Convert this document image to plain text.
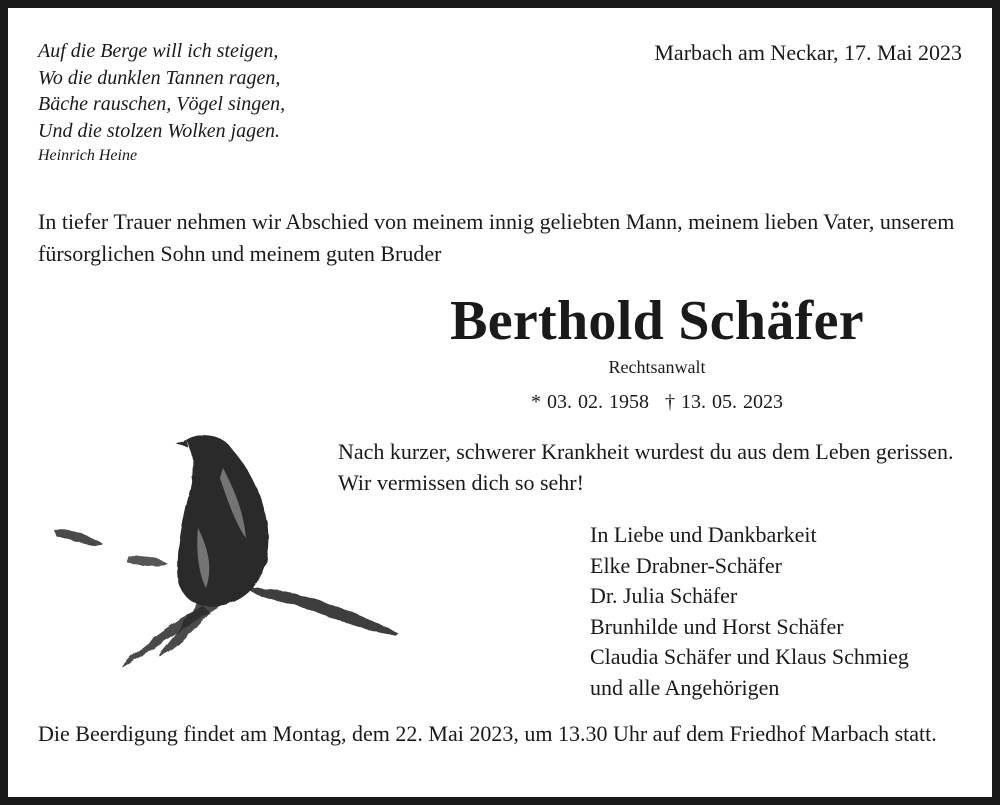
Auf die Berge will ich steigen,
Wo die dunklen Tannen ragen,
Bäche rauschen, Vögel singen,
Und die stolzen Wolken jagen.
Heinrich Heine
Marbach am Neckar, 17. Mai 2023
In tiefer Trauer nehmen wir Abschied von meinem innig geliebten Mann, meinem lieben Vater, unserem fürsorglichen Sohn und meinem guten Bruder
Berthold Schäfer
Rechtsanwalt
* 03. 02. 1958 † 13. 05. 2023
Nach kurzer, schwerer Krankheit wurdest du aus dem Leben gerissen. Wir vermissen dich so sehr!
In Liebe und Dankbarkeit
Elke Drabner-Schäfer
Dr. Julia Schäfer
Brunhilde und Horst Schäfer
Claudia Schäfer und Klaus Schmieg
und alle Angehörigen
Die Beerdigung findet am Montag, dem 22. Mai 2023, um 13.30 Uhr auf dem Friedhof Marbach statt.
